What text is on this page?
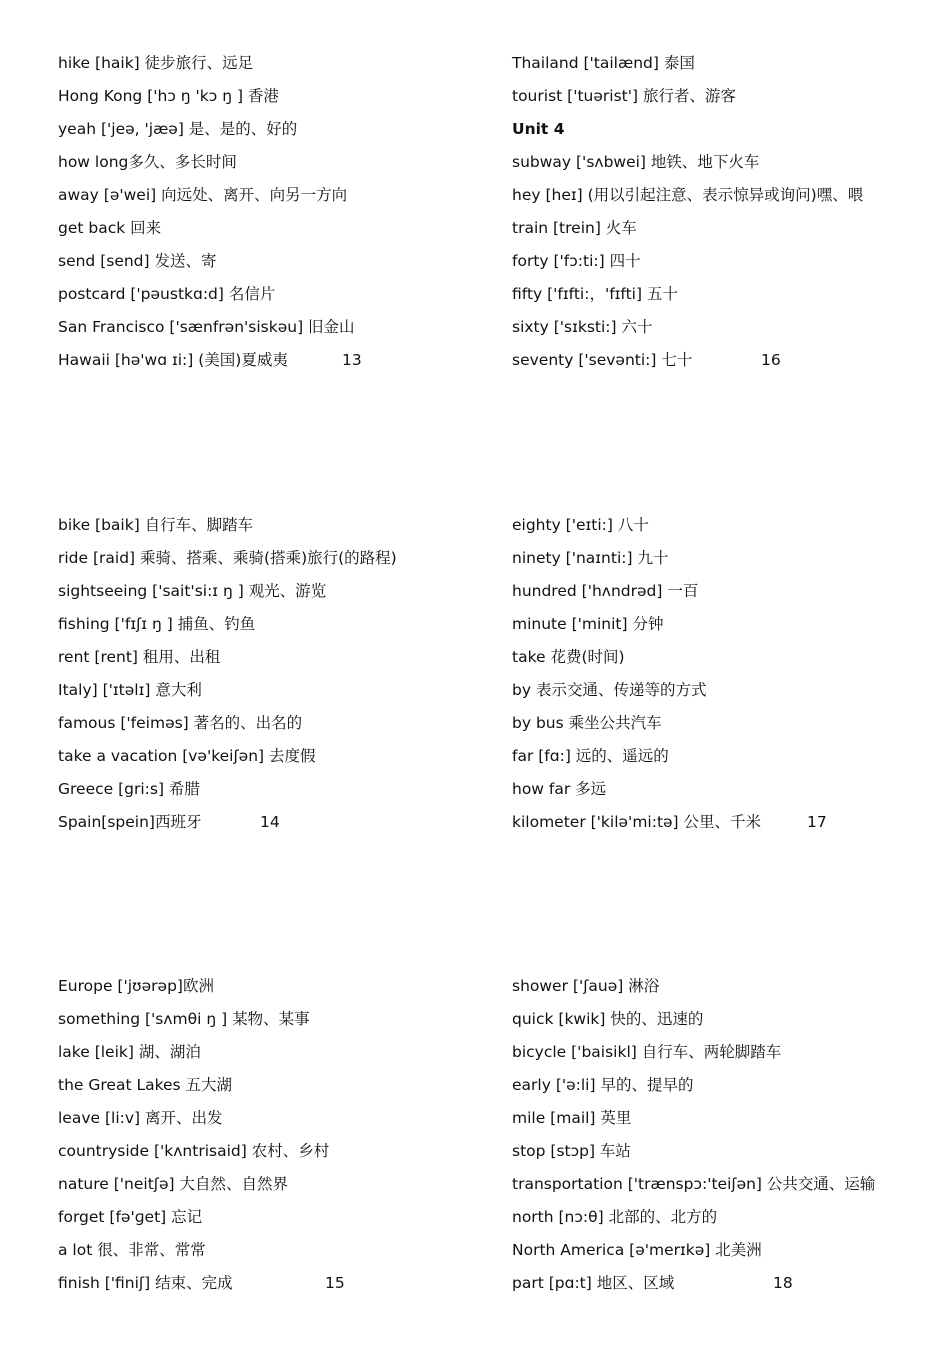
hike [haik] 徒步旅行、远足
Hong Kong ['hɔ ŋ 'kɔ ŋ ] 香港
yeah ['jeə, 'jæə] 是、是的、好的
how long多久、多长时间
away [ə'wei] 向远处、离开、向另一方向
get back 回来
send [send] 发送、寄
postcard ['pəustkɑ:d] 名信片
San Francisco ['sænfrən'siskəu] 旧金山
Hawaii [hə'wɑ ɪi:] (美国)夏威夷	13
Thailand ['tailænd] 泰国
tourist ['tuərist'] 旅行者、游客
Unit 4
subway ['sʌbwei] 地铁、地下火车
hey [heɪ] (用以引起注意、表示惊异或询问)嘿、喂
train [trein] 火车
forty ['fɔ:ti:] 四十
fifty ['fɪfti:，'fɪfti] 五十
sixty ['sɪksti:] 六十
seventy ['sevənti:] 七十	16
bike [baik] 自行车、脚踏车
ride [raid] 乘骑、搭乘、乘骑(搭乘)旅行(的路程)
sightseeing ['sait'si:ɪ ŋ ] 观光、游览
fishing ['fɪʃɪ ŋ ] 捕鱼、钓鱼
rent [rent] 租用、出租
Italy] ['ɪtəlɪ] 意大利
famous ['feiməs] 著名的、出名的
take a vacation [və'keiʃən] 去度假
Greece [gri:s] 希腊
Spain[spein]西班牙	14
eighty ['eɪti:] 八十
ninety ['naɪnti:] 九十
hundred ['hʌndrəd] 一百
minute ['minit] 分钟
take 花费(时间)
by 表示交通、传递等的方式
by bus 乘坐公共汽车
far [fɑ:] 远的、遥远的
how far 多远
kilometer ['kilə'mi:tə] 公里、千米	17
Europe ['jʊərəp]欧洲
something ['sʌmθi ŋ ] 某物、某事
lake [leik] 湖、湖泊
the Great Lakes 五大湖
leave [li:v] 离开、出发
countryside ['kʌntrisaid] 农村、乡村
nature ['neitʃə] 大自然、自然界
forget [fə'ɡet] 忘记
a lot 很、非常、常常
finish ['finiʃ] 结束、完成	15
shower ['ʃauə] 淋浴
quick [kwik] 快的、迅速的
bicycle ['baisikl] 自行车、两轮脚踏车
early ['ə:li] 早的、提早的
mile [mail] 英里
stop [stɔp] 车站
transportation ['trænspɔ:'teiʃən] 公共交通、运输
north [nɔ:θ] 北部的、北方的
North America [ə'merɪkə] 北美洲
part [pɑ:t] 地区、区域	18
